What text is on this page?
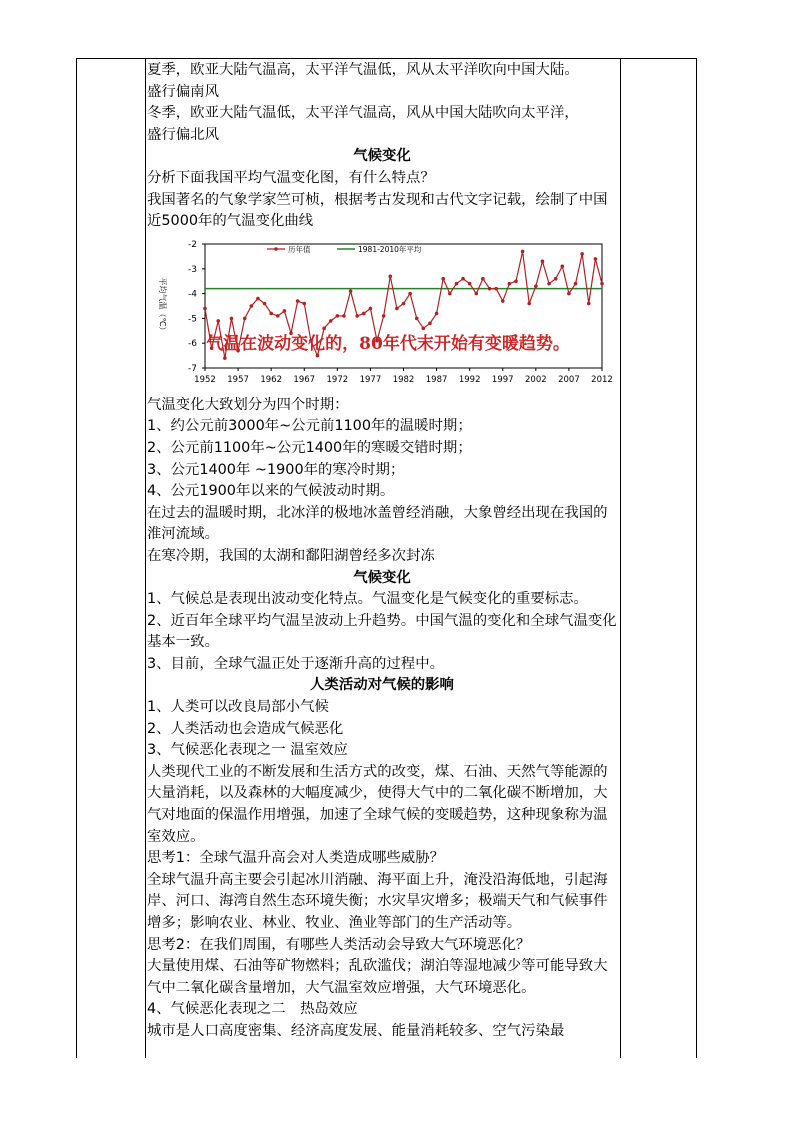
夏季，欧亚大陆气温高，太平洋气温低，风从太平洋吹向中国大陆。

盛行偏南风

冬季，欧亚大陆气温低，太平洋气温高，风从中国大陆吹向太平洋，

盛行偏北风

气候变化

分析下面我国平均气温变化图，有什么特点？

我国著名的气象学家竺可桢，根据考古发现和古代文字记载，绘制了中国近5000年的气温变化曲线

-2
-3
-4
-5
-6
-7
1952 1957 1962 1967 1972 1977 1982 1987 1992 1997 2002 2007 2012
平均气温（℃）
历年值	1981-2010年平均
气温在波动变化的，80年代末开始有变暖趋势。

气温变化大致划分为四个时期：

1、约公元前3000年~公元前1100年的温暖时期；

2、公元前1100年~公元1400年的寒暖交错时期；

3、公元1400年 ~1900年的寒冷时期；

4、公元1900年以来的气候波动时期。

在过去的温暖时期，北冰洋的极地冰盖曾经消融，大象曾经出现在我国的淮河流域。

在寒冷期，我国的太湖和鄱阳湖曾经多次封冻

气候变化

1、气候总是表现出波动变化特点。气温变化是气候变化的重要标志。

2、近百年全球平均气温呈波动上升趋势。中国气温的变化和全球气温变化基本一致。

3、目前，全球气温正处于逐渐升高的过程中。

人类活动对气候的影响

1、人类可以改良局部小气候

2、人类活动也会造成气候恶化

3、气候恶化表现之一 温室效应

人类现代工业的不断发展和生活方式的改变，煤、石油、天然气等能源的大量消耗，以及森林的大幅度减少，使得大气中的二氧化碳不断增加，大气对地面的保温作用增强，加速了全球气候的变暖趋势，这种现象称为温室效应。

思考1：全球气温升高会对人类造成哪些威胁？

全球气温升高主要会引起冰川消融、海平面上升，淹没沿海低地，引起海岸、河口、海湾自然生态环境失衡；水灾旱灾增多；极端天气和气候事件增多；影响农业、林业、牧业、渔业等部门的生产活动等。

思考2：在我们周围，有哪些人类活动会导致大气环境恶化？

大量使用煤、石油等矿物燃料；乱砍滥伐；湖泊等湿地减少等可能导致大气中二氧化碳含量增加，大气温室效应增强，大气环境恶化。

4、气候恶化表现之二　热岛效应

城市是人口高度密集、经济高度发展、能量消耗较多、空气污染最
